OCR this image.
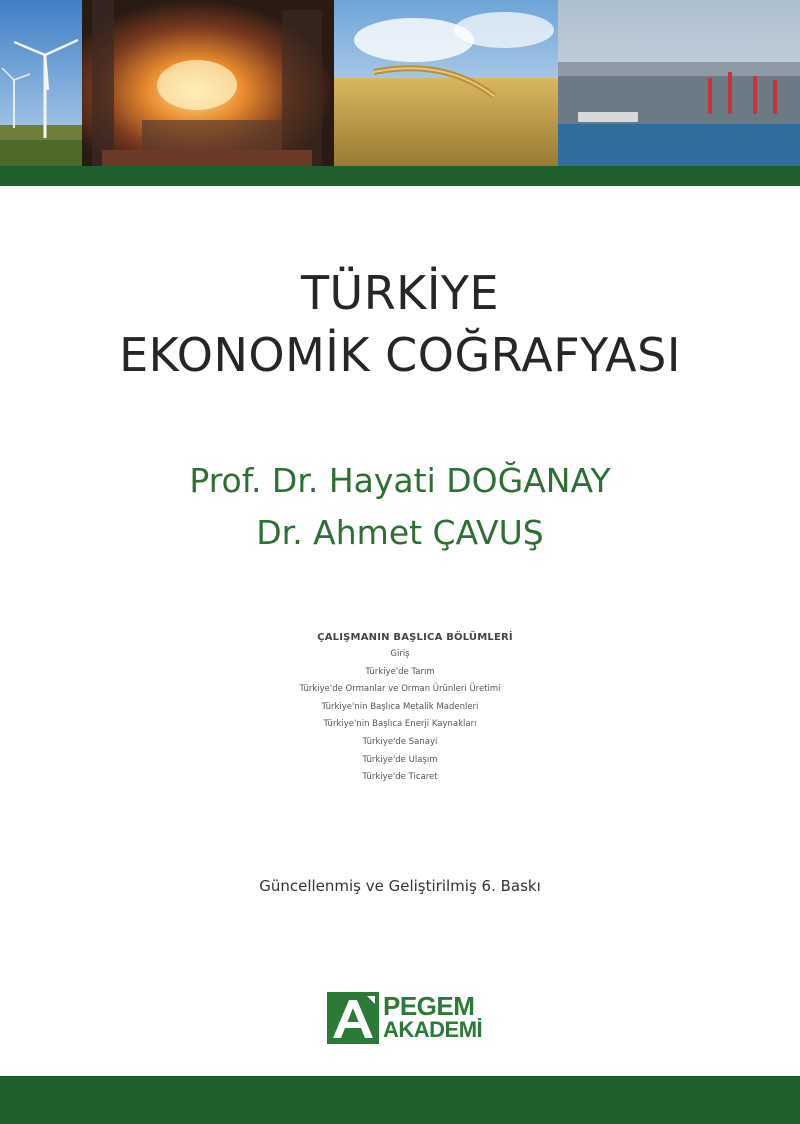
TÜRKİYE
EKONOMİK COĞRAFYASI
Prof. Dr. Hayati DOĞANAY
Dr. Ahmet ÇAVUŞ
ÇALIŞMANIN BAŞLICA BÖLÜMLERİ
Giriş
Türkiye'de Tarım
Türkiye'de Ormanlar ve Orman Ürünleri Üretimi
Türkiye'nin Başlıca Metalik Madenleri
Türkiye'nin Başlıca Enerji Kaynakları
Türkiye'de Sanayi
Türkiye'de Ulaşım
Türkiye'de Ticaret
Güncellenmiş ve Geliştirilmiş 6. Baskı
PEGEM
AKADEMİ
